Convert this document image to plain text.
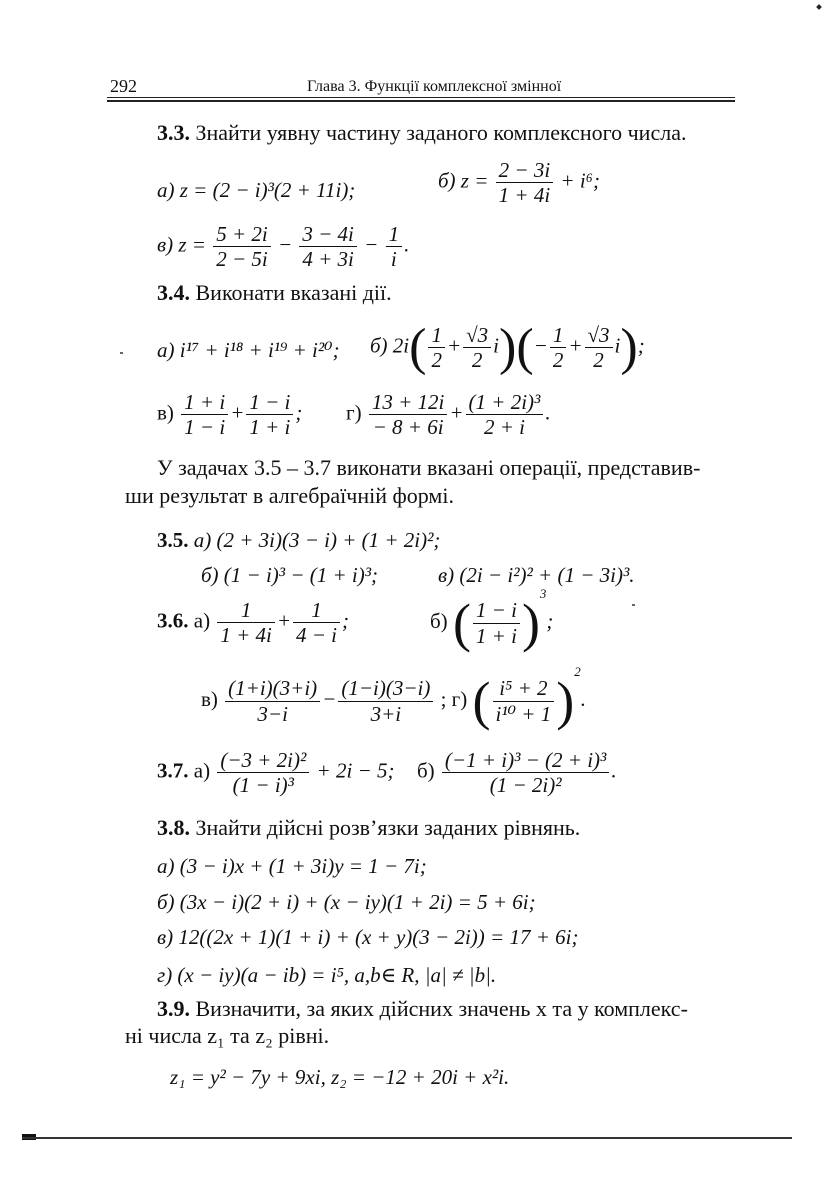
292	Глава 3. Функції комплексної змінної
3.3. Знайти уявну частину заданого комплексного числа.
а) z = (2 − i)³(2 + 11i);	б) $z = \frac{2 - 3i}{1 + 4i} + i^6$;
в) $z = \frac{5 + 2i}{2 - 5i} - \frac{3 - 4i}{4 + 3i} - \frac{1}{i}$ .
3.4. Виконати вказані дії.
а) i¹⁷ + i¹⁸ + i¹⁹ + i²⁰; б) $2i( \frac{1}{2} + \frac{√3}{2} i)(- \frac{1}{2} + \frac{√3}{2} i)$;
$в) \frac{1 + i}{1 - i} + \frac{1 - i}{1 + i}$ ; $г) \frac{13 + 12i}{- 8 + 6i} + \frac{\text{(1 + 2i)³}}{2 + i}$ .
У задачах 3.5 – 3.7 виконати вказані операції, представив-
ши результат в алгебраїчній формі.
3.5. а) (2 + 3i)(3 − i) + (1 + 2i)²;
б) (1 − i)³ − (1 + i)³;	в) (2i − i²)² + (1 − 3i)³.
3.6. $а) \frac{1}{1 + 4i} + \frac{1}{4 - i}$ ;	б) ( $\frac{1 - i}{1 + i} )^3$;
$в) \frac{(1+i)(3+i)}{3-i} - \frac{(1-i)(3-i)}{3+i}$ ; г) ( $\frac{\text{i⁵ + 2}}{\text{i¹⁰ + 1}} )^2$.
3.7. $а) \frac{\text{(−3 + 2i)²}}{\text{(1 − i)³}} + 2i - 5$; $б) \frac{\text{(−1 + i)³ − (2 + i)³}}{\text{(1 − 2i)²}}$ .
3.8. Знайти дійсні розв’язки заданих рівнянь.
а) (3 − i)x + (1 + 3i)y = 1 − 7i;
б) (3x − i)(2 + i) + (x − iy)(1 + 2i) = 5 + 6i;
в) 12((2x + 1)(1 + i) + (x + y)(3 − 2i)) = 17 + 6i;
г) (x − iy)(a − ib) = i⁵, a,b∈ R, |a| ≠ |b|.
3.9. Визначити, за яких дійсних значень x та y комплекс-
ні числа z₁ та z₂ рівні.
z₁ = y² − 7y + 9xi, z₂ = −12 + 20i + x²i.
